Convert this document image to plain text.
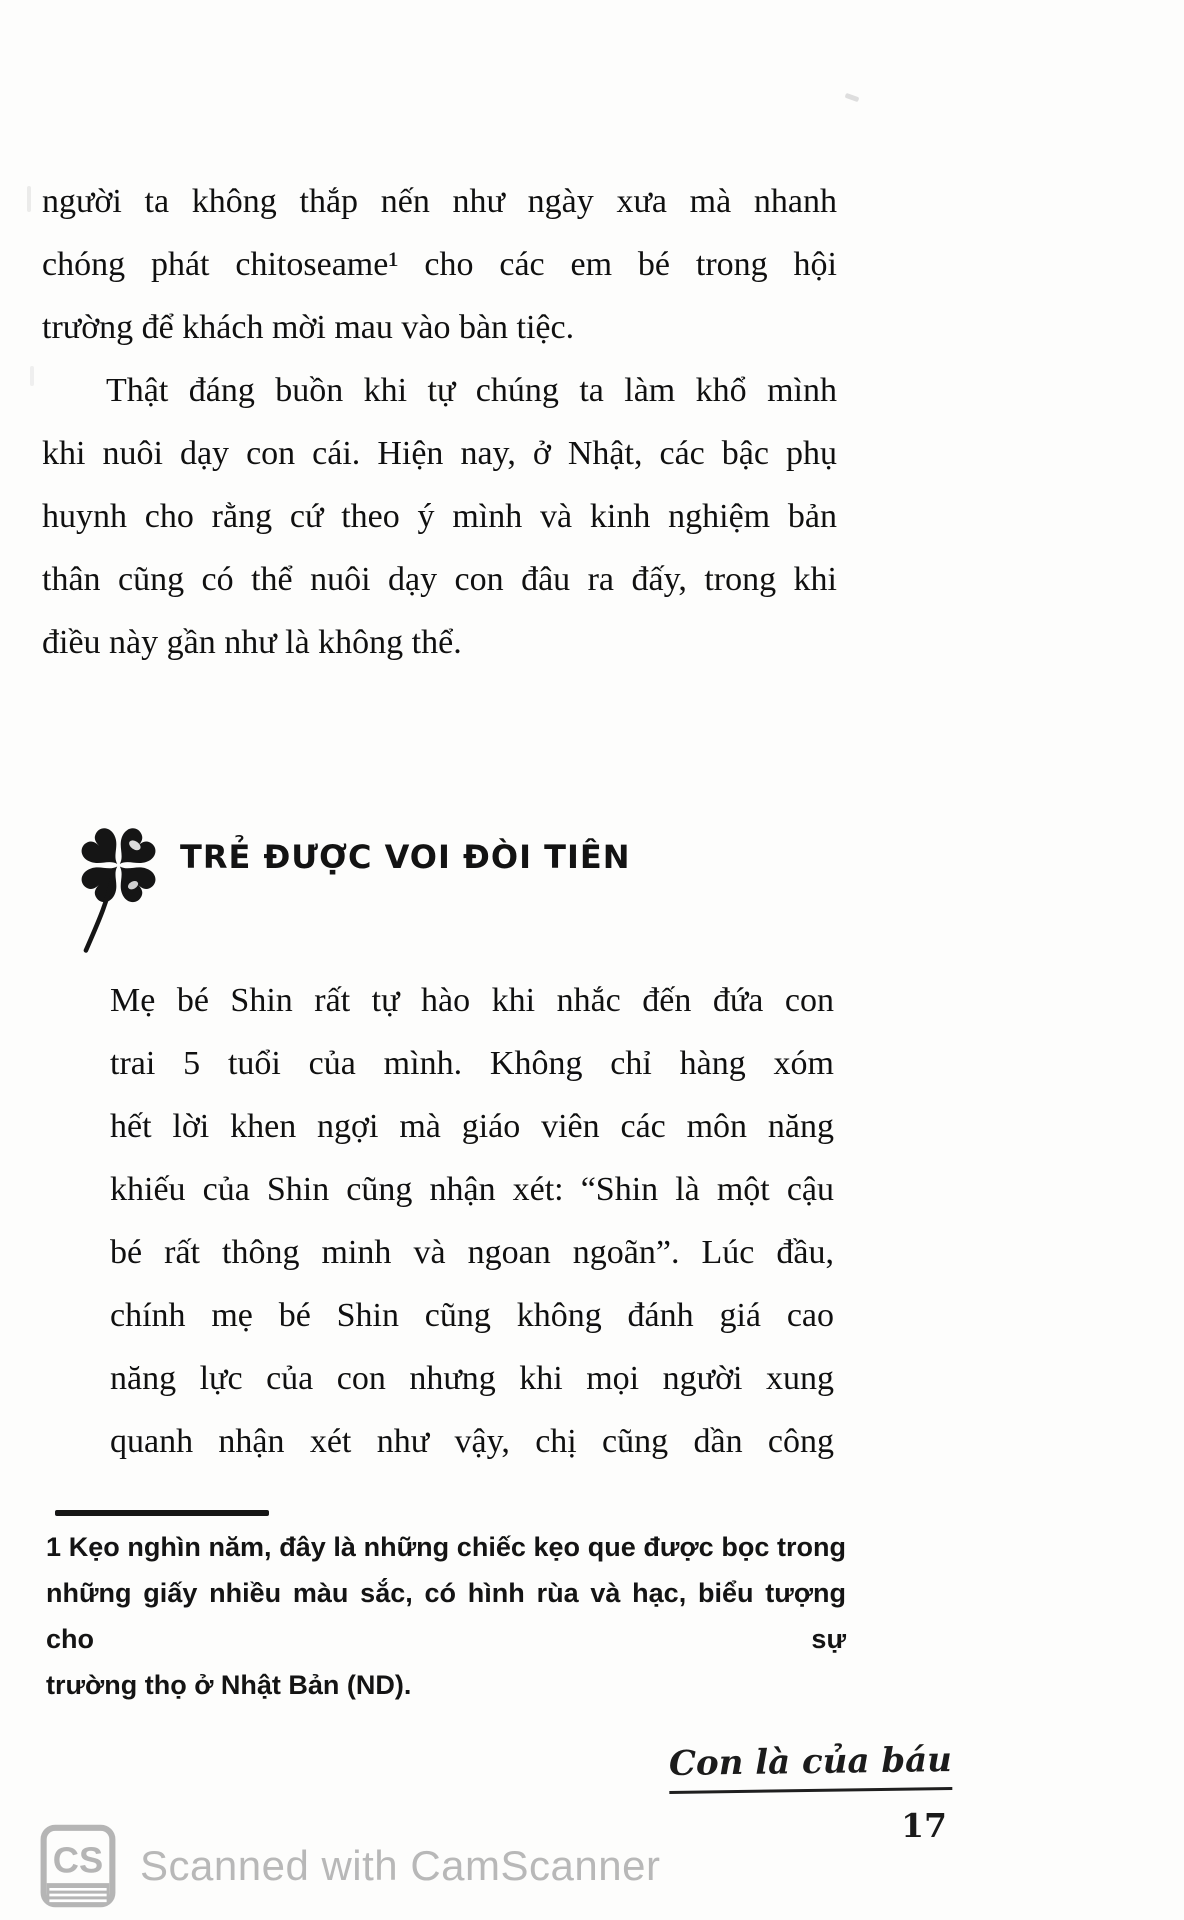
người ta không thắp nến như ngày xưa mà nhanh
chóng phát chitoseame¹ cho các em bé trong hội
trường để khách mời mau vào bàn tiệc.
Thật đáng buồn khi tự chúng ta làm khổ mình
khi nuôi dạy con cái. Hiện nay, ở Nhật, các bậc phụ
huynh cho rằng cứ theo ý mình và kinh nghiệm bản
thân cũng có thể nuôi dạy con đâu ra đấy, trong khi
điều này gần như là không thể.
TRẺ ĐƯỢC VOI ĐÒI TIÊN
Mẹ bé Shin rất tự hào khi nhắc đến đứa con
trai 5 tuổi của mình. Không chỉ hàng xóm
hết lời khen ngợi mà giáo viên các môn năng
khiếu của Shin cũng nhận xét: “Shin là một cậu
bé rất thông minh và ngoan ngoãn”. Lúc đầu,
chính mẹ bé Shin cũng không đánh giá cao
năng lực của con nhưng khi mọi người xung
quanh nhận xét như vậy, chị cũng dần công
1 Kẹo nghìn năm, đây là những chiếc kẹo que được bọc trong
những giấy nhiều màu sắc, có hình rùa và hạc, biểu tượng cho sự
trường thọ ở Nhật Bản (ND).
Con là của báu
17
CS Scanned with CamScanner
